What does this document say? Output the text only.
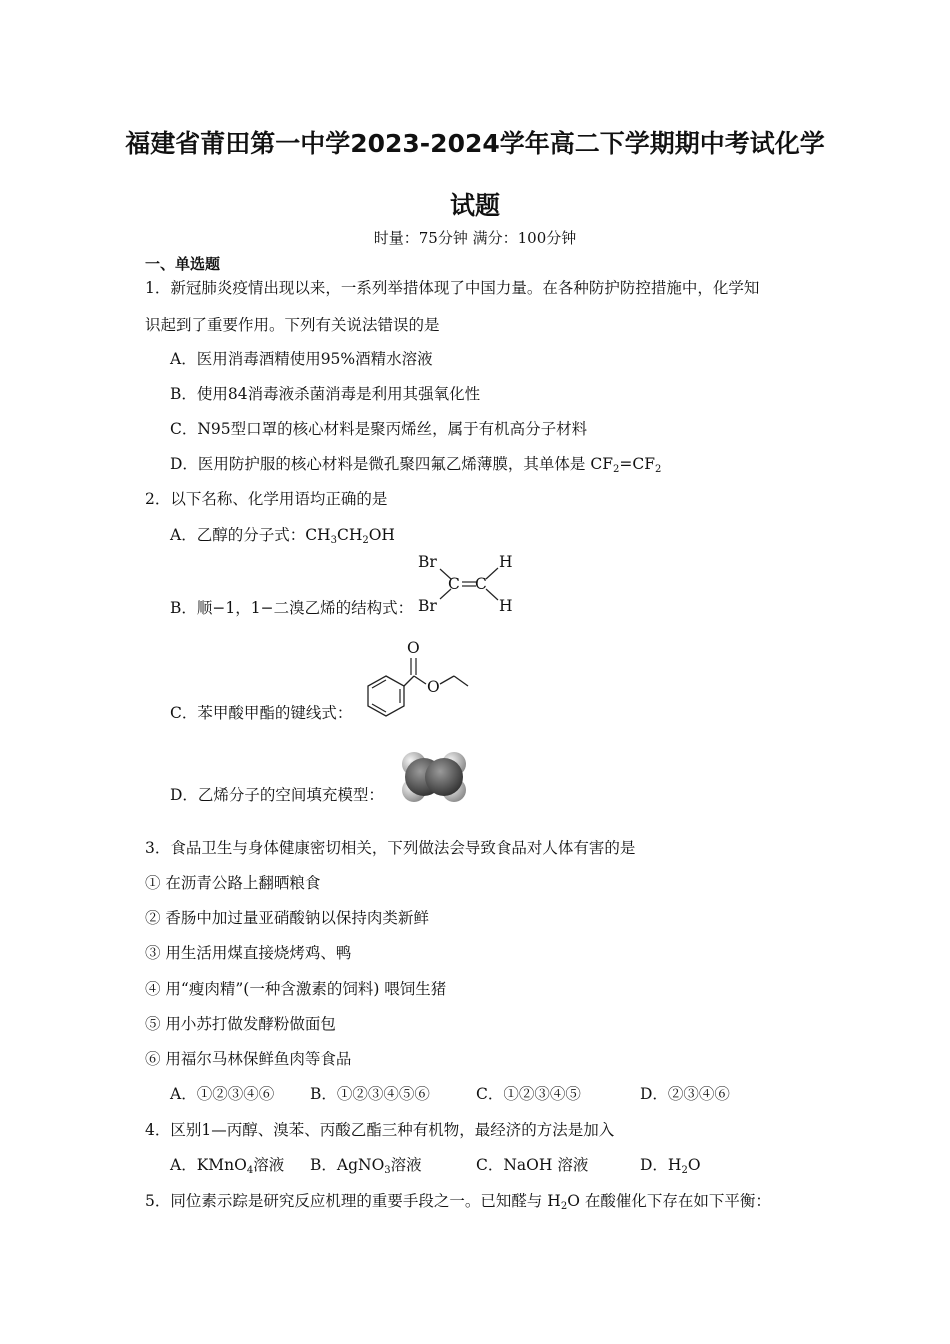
福建省莆田第一中学2023-2024学年高二下学期期中考试化学
试题
时量：75分钟 满分：100分钟
一、单选题
1．新冠肺炎疫情出现以来，一系列举措体现了中国力量。在各种防护防控措施中，化学知
识起到了重要作用。下列有关说法错误的是
A．医用消毒酒精使用95%酒精水溶液
B．使用84消毒液杀菌消毒是利用其强氧化性
C．N95型口罩的核心材料是聚丙烯丝，属于有机高分子材料
D．医用防护服的核心材料是微孔聚四氟乙烯薄膜，其单体是 $CF_2=CF_2$
2．以下名称、化学用语均正确的是
A．乙醇的分子式：$CH_3CH_2OH$
B．顺−1，1−二溴乙烯的结构式：
Br
Br
C C
H
H
C．苯甲酸甲酯的键线式：
O
O
D．乙烯分子的空间填充模型：
3．食品卫生与身体健康密切相关，下列做法会导致食品对人体有害的是
① 在沥青公路上翻晒粮食
② 香肠中加过量亚硝酸钠以保持肉类新鲜
③ 用生活用煤直接烧烤鸡、鸭
④ 用“瘦肉精”(一种含激素的饲料) 喂饲生猪
⑤ 用小苏打做发酵粉做面包
⑥ 用福尔马林保鲜鱼肉等食品
A．①②③④⑥ B．①②③④⑤⑥	C．①②③④⑤	D．②③④⑥
4．区别1—丙醇、溴苯、丙酸乙酯三种有机物，最经济的方法是加入
A．KMnO$_4$溶液 B．AgNO$_3$溶液	C．NaOH 溶液	D．$H_2O$
5．同位素示踪是研究反应机理的重要手段之一。已知醛与 $H_2O$ 在酸催化下存在如下平衡：
